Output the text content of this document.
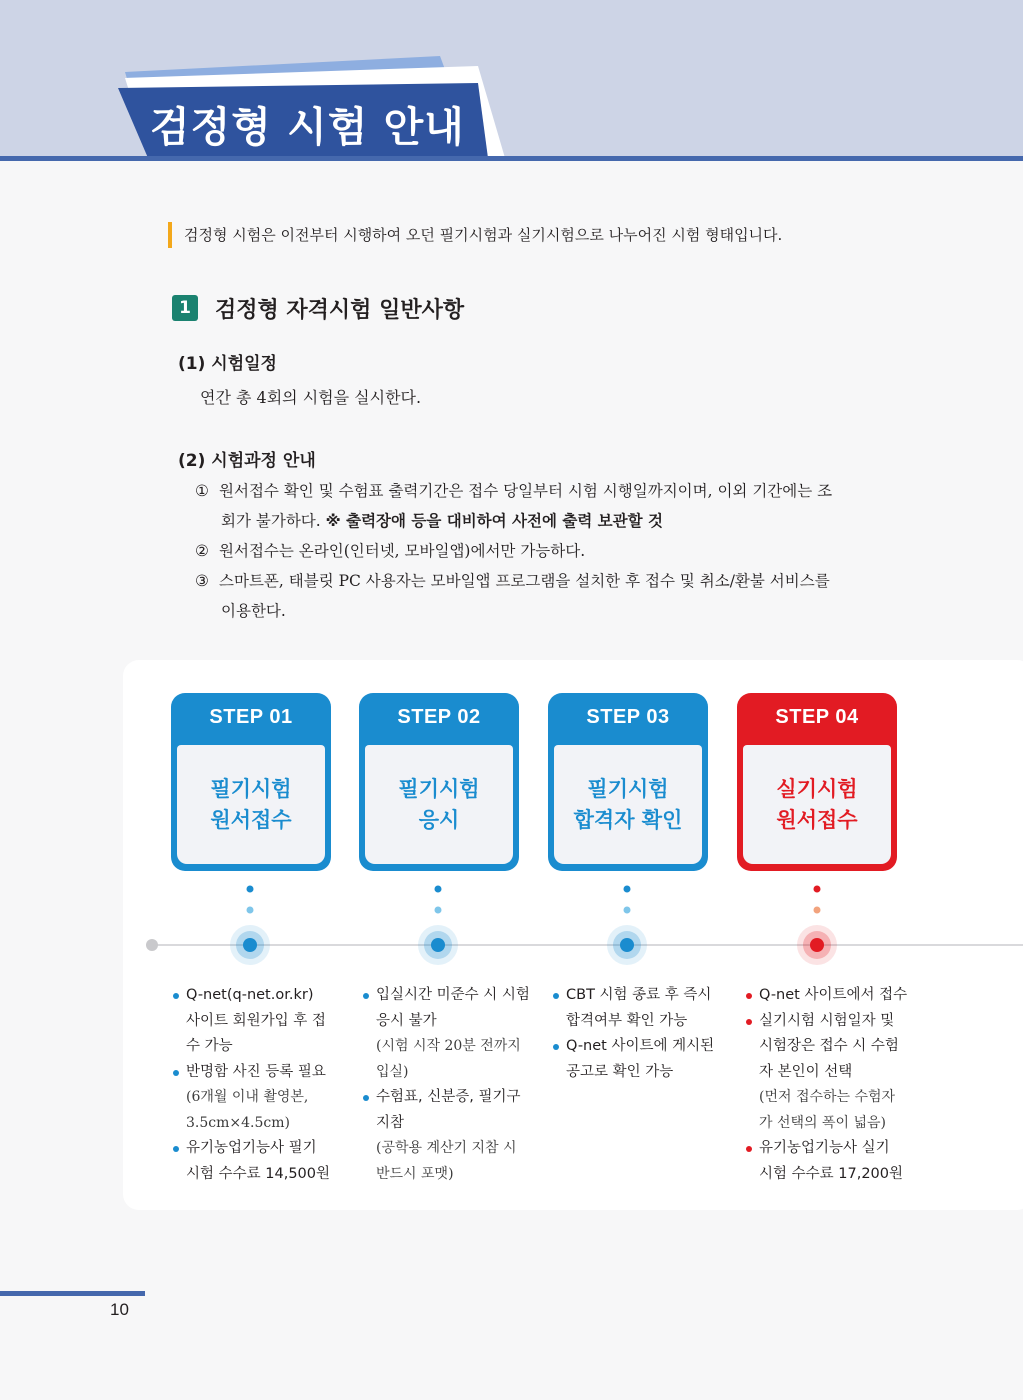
검정형 시험 안내
검정형 시험은 이전부터 시행하여 오던 필기시험과 실기시험으로 나누어진 시험 형태입니다.
1	검정형 자격시험 일반사항
(1) 시험일정

연간 총 4회의 시험을 실시한다.

(2) 시험과정 안내
① 원서접수 확인 및 수험표 출력기간은 접수 당일부터 시험 시행일까지이며, 이외 기간에는 조
회가 불가하다. ※ 출력장애 등을 대비하여 사전에 출력 보관할 것
② 원서접수는 온라인(인터넷, 모바일앱)에서만 가능하다.
③ 스마트폰, 태블릿 PC 사용자는 모바일앱 프로그램을 설치한 후 접수 및 취소/환불 서비스를
이용한다.
STEP 01
필기시험
원서접수
STEP 02
필기시험
응시
STEP 03
필기시험
합격자 확인
STEP 04
실기시험
원서접수
Q-net(q-net.or.kr)
사이트 회원가입 후 접
수 가능
반명함 사진 등록 필요
(6개월 이내 촬영본,
3.5cm×4.5cm)
유기농업기능사 필기
시험 수수료 14,500원
입실시간 미준수 시 시험
응시 불가
(시험 시작 20분 전까지
입실)
수험표, 신분증, 필기구
지참
(공학용 계산기 지참 시
반드시 포맷)
CBT 시험 종료 후 즉시
합격여부 확인 가능
Q-net 사이트에 게시된
공고로 확인 가능
Q-net 사이트에서 접수
실기시험 시험일자 및
시험장은 접수 시 수험
자 본인이 선택
(먼저 접수하는 수험자
가 선택의 폭이 넓음)
유기농업기능사 실기
시험 수수료 17,200원
10
